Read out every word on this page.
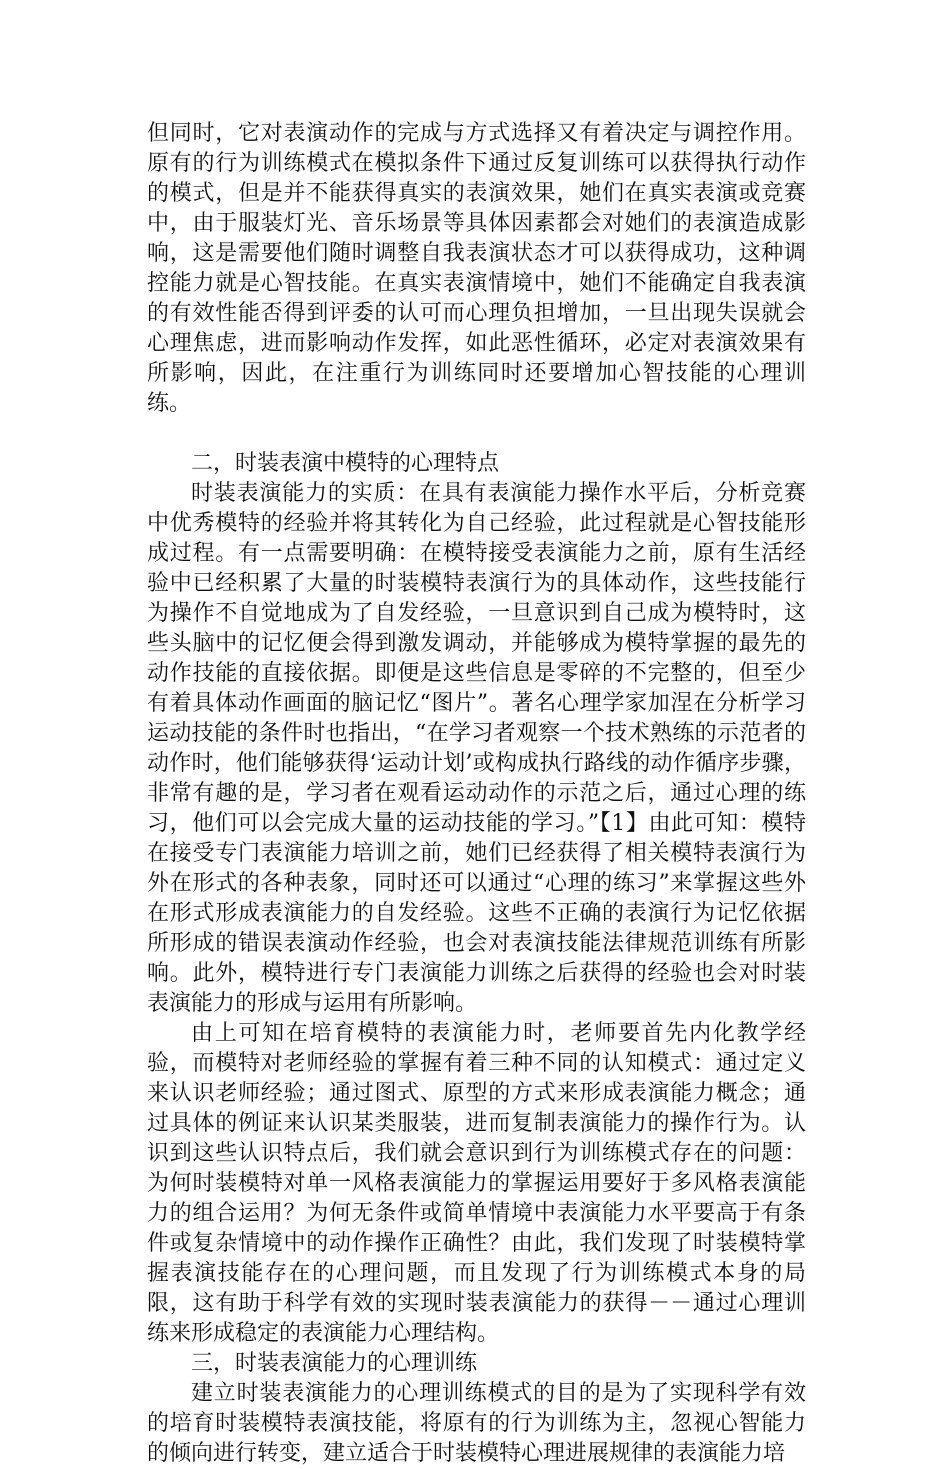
但同时，它对表演动作的完成与方式选择又有着决定与调控作用。原有的行为训练模式在模拟条件下通过反复训练可以获得执行动作的模式，但是并不能获得真实的表演效果，她们在真实表演或竞赛中，由于服装灯光、音乐场景等具体因素都会对她们的表演造成影响，这是需要他们随时调整自我表演状态才可以获得成功，这种调控能力就是心智技能。在真实表演情境中，她们不能确定自我表演的有效性能否得到评委的认可而心理负担增加，一旦出现失误就会心理焦虑，进而影响动作发挥，如此恶性循环，必定对表演效果有所影响，因此，在注重行为训练同时还要增加心智技能的心理训练。

二，时装表演中模特的心理特点

时装表演能力的实质：在具有表演能力操作水平后，分析竞赛中优秀模特的经验并将其转化为自己经验，此过程就是心智技能形成过程。有一点需要明确：在模特接受表演能力之前，原有生活经验中已经积累了大量的时装模特表演行为的具体动作，这些技能行为操作不自觉地成为了自发经验，一旦意识到自己成为模特时，这些头脑中的记忆便会得到激发调动，并能够成为模特掌握的最先的动作技能的直接依据。即便是这些信息是零碎的不完整的，但至少有着具体动作画面的脑记忆“图片”。著名心理学家加涅在分析学习运动技能的条件时也指出，“在学习者观察一个技术熟练的示范者的动作时，他们能够获得‘运动计划’或构成执行路线的动作循序步骤，非常有趣的是，学习者在观看运动动作的示范之后，通过心理的练习，他们可以会完成大量的运动技能的学习。”【1】由此可知：模特在接受专门表演能力培训之前，她们已经获得了相关模特表演行为外在形式的各种表象，同时还可以通过“心理的练习”来掌握这些外在形式形成表演能力的自发经验。这些不正确的表演行为记忆依据所形成的错误表演动作经验，也会对表演技能法律规范训练有所影响。此外，模特进行专门表演能力训练之后获得的经验也会对时装表演能力的形成与运用有所影响。

由上可知在培育模特的表演能力时，老师要首先内化教学经验，而模特对老师经验的掌握有着三种不同的认知模式：通过定义来认识老师经验；通过图式、原型的方式来形成表演能力概念；通过具体的例证来认识某类服装，进而复制表演能力的操作行为。认识到这些认识特点后，我们就会意识到行为训练模式存在的问题：为何时装模特对单一风格表演能力的掌握运用要好于多风格表演能力的组合运用？为何无条件或简单情境中表演能力水平要高于有条件或复杂情境中的动作操作正确性？由此，我们发现了时装模特掌握表演技能存在的心理问题，而且发现了行为训练模式本身的局限，这有助于科学有效的实现时装表演能力的获得－－通过心理训练来形成稳定的表演能力心理结构。

三，时装表演能力的心理训练

建立时装表演能力的心理训练模式的目的是为了实现科学有效的培育时装模特表演技能，将原有的行为训练为主，忽视心智能力的倾向进行转变，建立适合于时装模特心理进展规律的表演能力培
